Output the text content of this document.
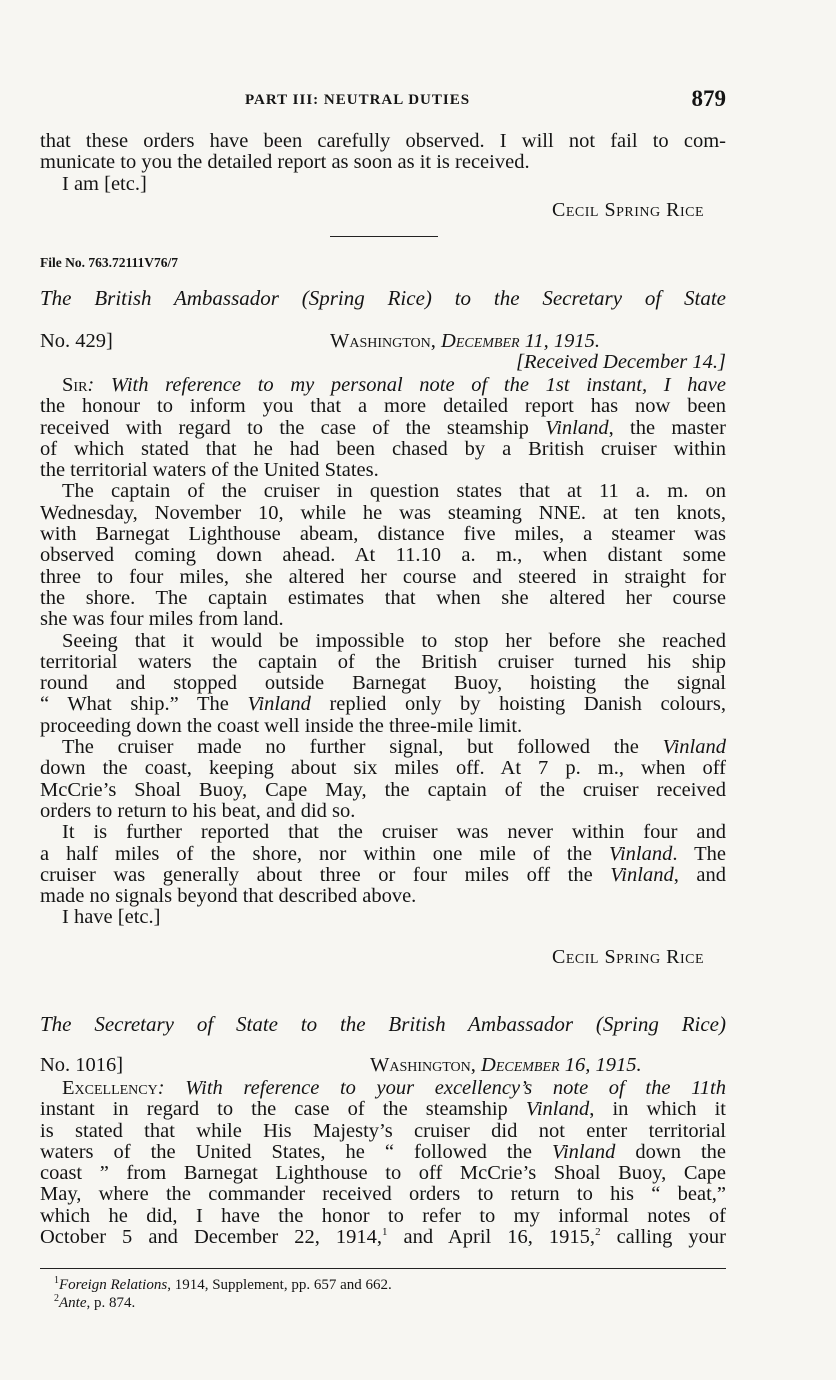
PART III: NEUTRAL DUTIES	879
that these orders have been carefully observed. I will not fail to com-
municate to you the detailed report as soon as it is received.
I am [etc.]
Cecil Spring Rice
File No. 763.72111V76/7
The British Ambassador (Spring Rice) to the Secretary of State
No. 429]	Washington, December 11, 1915.
[Received December 14.]
Sir: With reference to my personal note of the 1st instant, I have
the honour to inform you that a more detailed report has now been
received with regard to the case of the steamship Vinland, the master
of which stated that he had been chased by a British cruiser within
the territorial waters of the United States.
The captain of the cruiser in question states that at 11 a. m. on
Wednesday, November 10, while he was steaming NNE. at ten knots,
with Barnegat Lighthouse abeam, distance five miles, a steamer was
observed coming down ahead. At 11.10 a. m., when distant some
three to four miles, she altered her course and steered in straight for
the shore. The captain estimates that when she altered her course
she was four miles from land.
Seeing that it would be impossible to stop her before she reached
territorial waters the captain of the British cruiser turned his ship
round and stopped outside Barnegat Buoy, hoisting the signal
“ What ship.” The Vinland replied only by hoisting Danish colours,
proceeding down the coast well inside the three-mile limit.
The cruiser made no further signal, but followed the Vinland
down the coast, keeping about six miles off. At 7 p. m., when off
McCrie’s Shoal Buoy, Cape May, the captain of the cruiser received
orders to return to his beat, and did so.
It is further reported that the cruiser was never within four and
a half miles of the shore, nor within one mile of the Vinland. The
cruiser was generally about three or four miles off the Vinland, and
made no signals beyond that described above.
I have [etc.]
Cecil Spring Rice
The Secretary of State to the British Ambassador (Spring Rice)
No. 1016]	Washington, December 16, 1915.
Excellency: With reference to your excellency’s note of the 11th
instant in regard to the case of the steamship Vinland, in which it
is stated that while His Majesty’s cruiser did not enter territorial
waters of the United States, he “ followed the Vinland down the
coast ” from Barnegat Lighthouse to off McCrie’s Shoal Buoy, Cape
May, where the commander received orders to return to his “ beat,”
which he did, I have the honor to refer to my informal notes of
October 5 and December 22, 1914,$^1$ and April 16, 1915,$^2$ calling your
$^1$Foreign Relations, 1914, Supplement, pp. 657 and 662.
$^2$Ante, p. 874.
